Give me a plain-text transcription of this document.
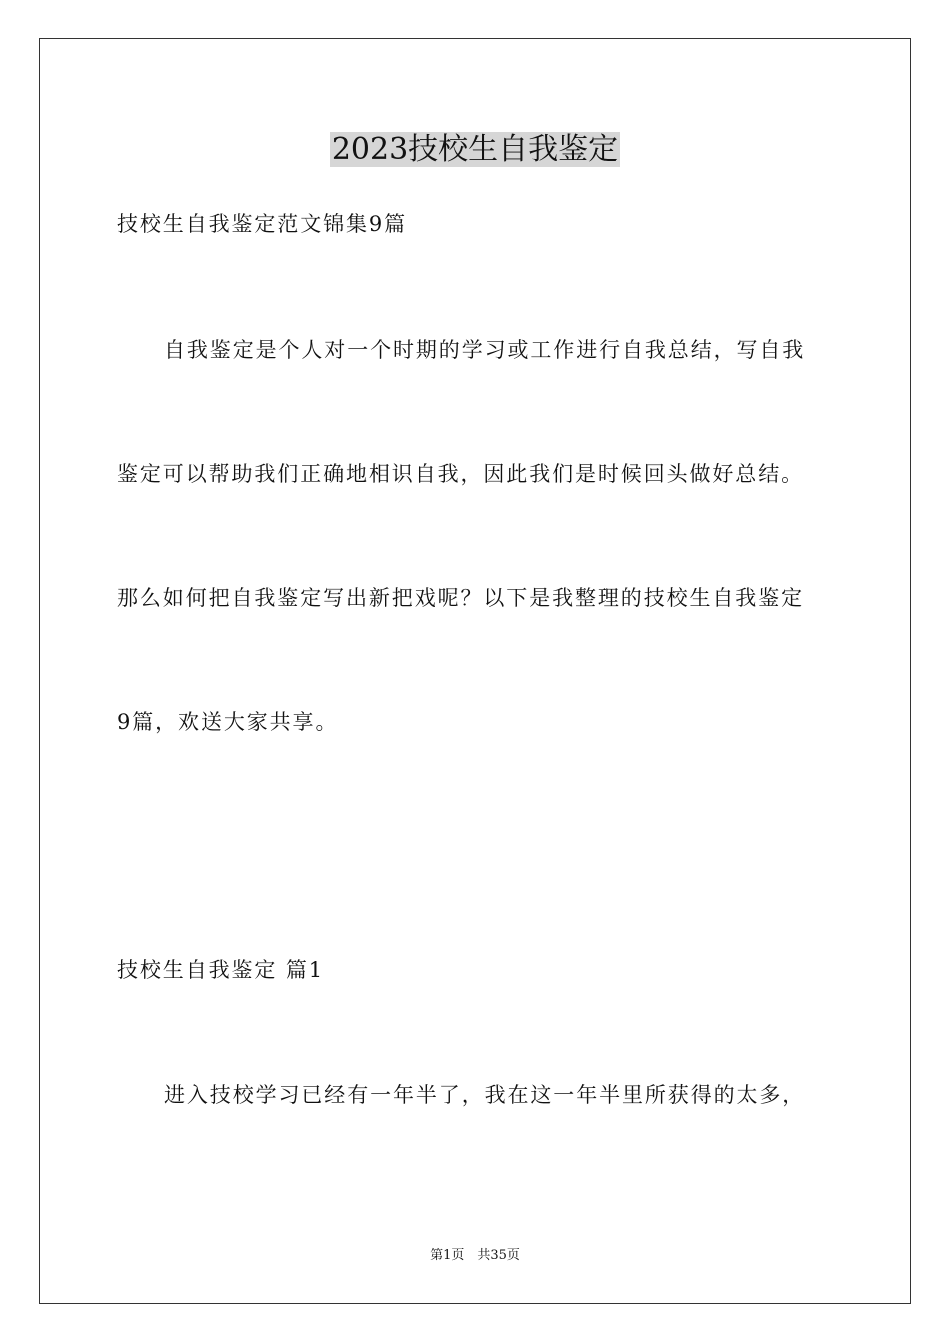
2023技校生自我鉴定
技校生自我鉴定范文锦集9篇
自我鉴定是个人对一个时期的学习或工作进行自我总结，写自我
鉴定可以帮助我们正确地相识自我，因此我们是时候回头做好总结。
那么如何把自我鉴定写出新把戏呢？以下是我整理的技校生自我鉴定
9篇，欢送大家共享。
技校生自我鉴定 篇1
进入技校学习已经有一年半了，我在这一年半里所获得的太多，
第1页　共35页
